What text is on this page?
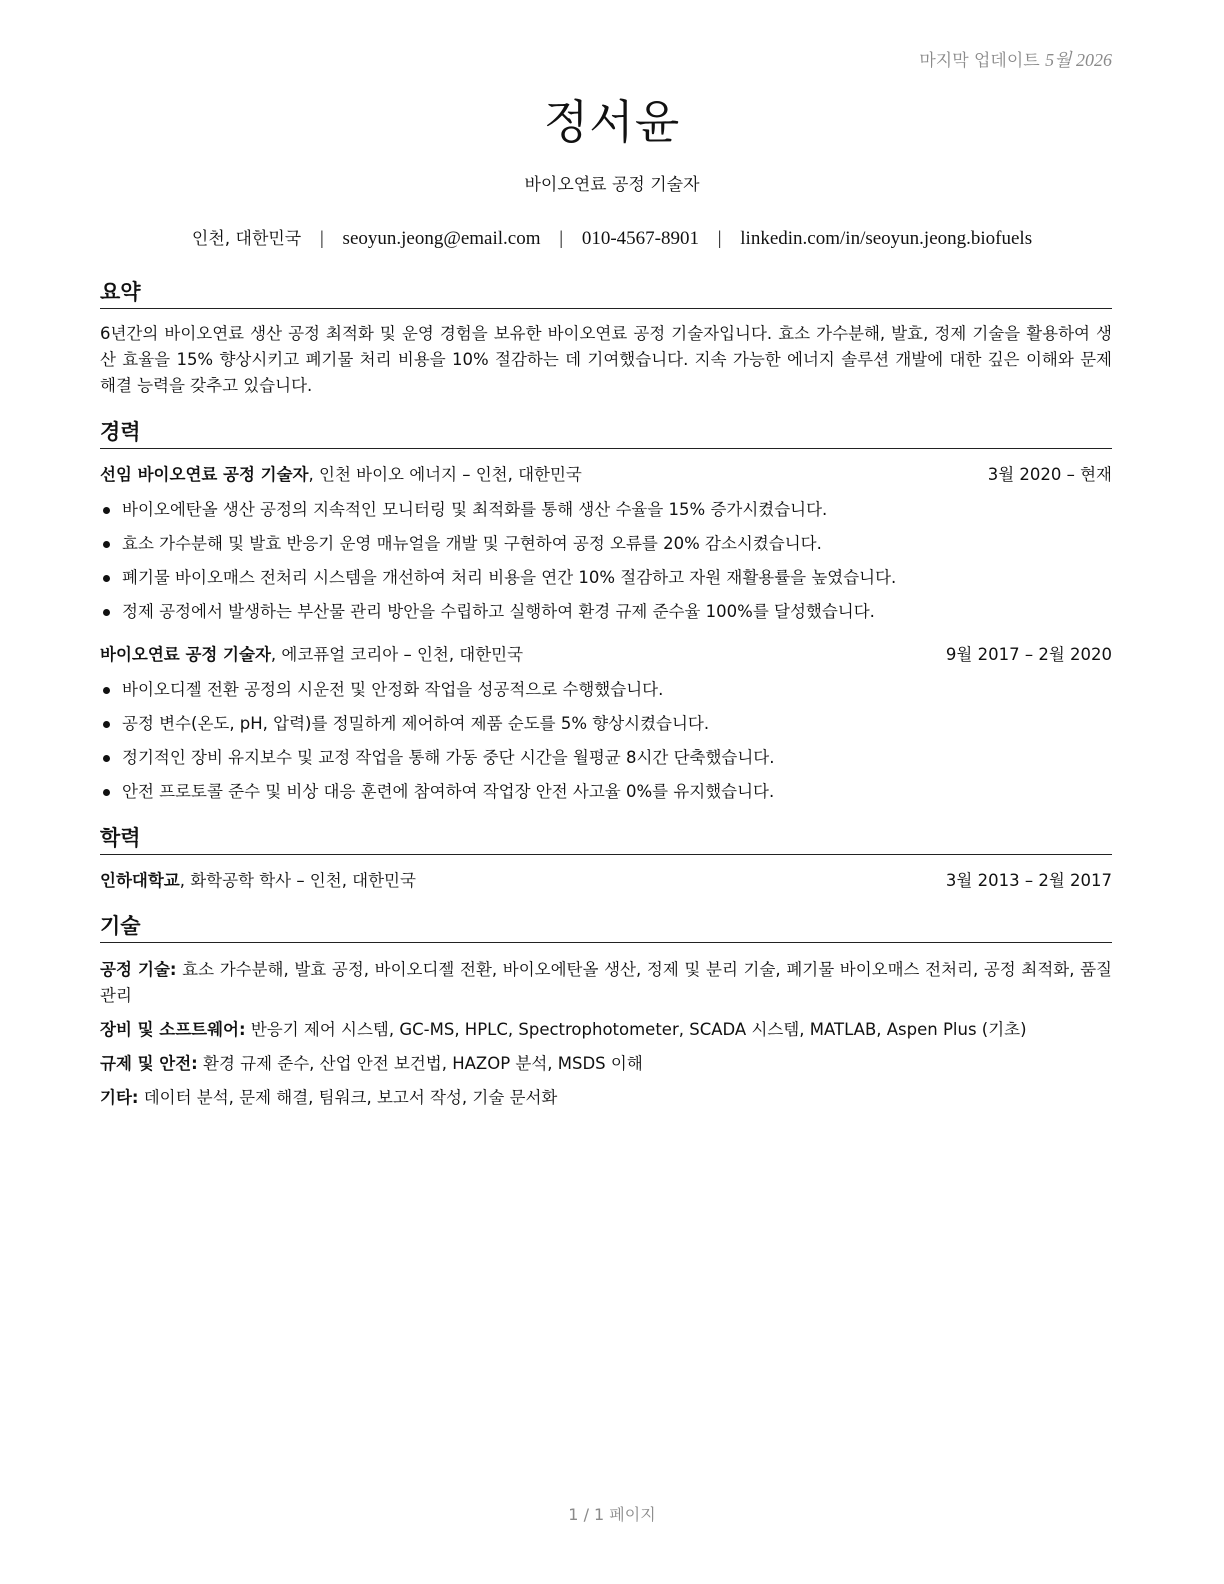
마지막 업데이트 5월 2026
정서윤
바이오연료 공정 기술자
인천, 대한민국 | seoyun.jeong@email.com | 010-4567-8901 | linkedin.com/in/seoyun.jeong.biofuels
요약
6년간의 바이오연료 생산 공정 최적화 및 운영 경험을 보유한 바이오연료 공정 기술자입니다. 효소 가수분해, 발효, 정제 기술을 활용하여 생산 효율을 15% 향상시키고 폐기물 처리 비용을 10% 절감하는 데 기여했습니다. 지속 가능한 에너지 솔루션 개발에 대한 깊은 이해와 문제 해결 능력을 갖추고 있습니다.
경력
선임 바이오연료 공정 기술자, 인천 바이오 에너지 – 인천, 대한민국	3월 2020 – 현재
바이오에탄올 생산 공정의 지속적인 모니터링 및 최적화를 통해 생산 수율을 15% 증가시켰습니다.
효소 가수분해 및 발효 반응기 운영 매뉴얼을 개발 및 구현하여 공정 오류를 20% 감소시켰습니다.
폐기물 바이오매스 전처리 시스템을 개선하여 처리 비용을 연간 10% 절감하고 자원 재활용률을 높였습니다.
정제 공정에서 발생하는 부산물 관리 방안을 수립하고 실행하여 환경 규제 준수율 100%를 달성했습니다.
바이오연료 공정 기술자, 에코퓨얼 코리아 – 인천, 대한민국	9월 2017 – 2월 2020
바이오디젤 전환 공정의 시운전 및 안정화 작업을 성공적으로 수행했습니다.
공정 변수(온도, pH, 압력)를 정밀하게 제어하여 제품 순도를 5% 향상시켰습니다.
정기적인 장비 유지보수 및 교정 작업을 통해 가동 중단 시간을 월평균 8시간 단축했습니다.
안전 프로토콜 준수 및 비상 대응 훈련에 참여하여 작업장 안전 사고율 0%를 유지했습니다.
학력
인하대학교, 화학공학 학사 – 인천, 대한민국	3월 2013 – 2월 2017
기술
공정 기술: 효소 가수분해, 발효 공정, 바이오디젤 전환, 바이오에탄올 생산, 정제 및 분리 기술, 폐기물 바이오매스 전처리, 공정 최적화, 품질 관리
장비 및 소프트웨어: 반응기 제어 시스템, GC-MS, HPLC, Spectrophotometer, SCADA 시스템, MATLAB, Aspen Plus (기초)
규제 및 안전: 환경 규제 준수, 산업 안전 보건법, HAZOP 분석, MSDS 이해
기타: 데이터 분석, 문제 해결, 팀워크, 보고서 작성, 기술 문서화
1 / 1 페이지
